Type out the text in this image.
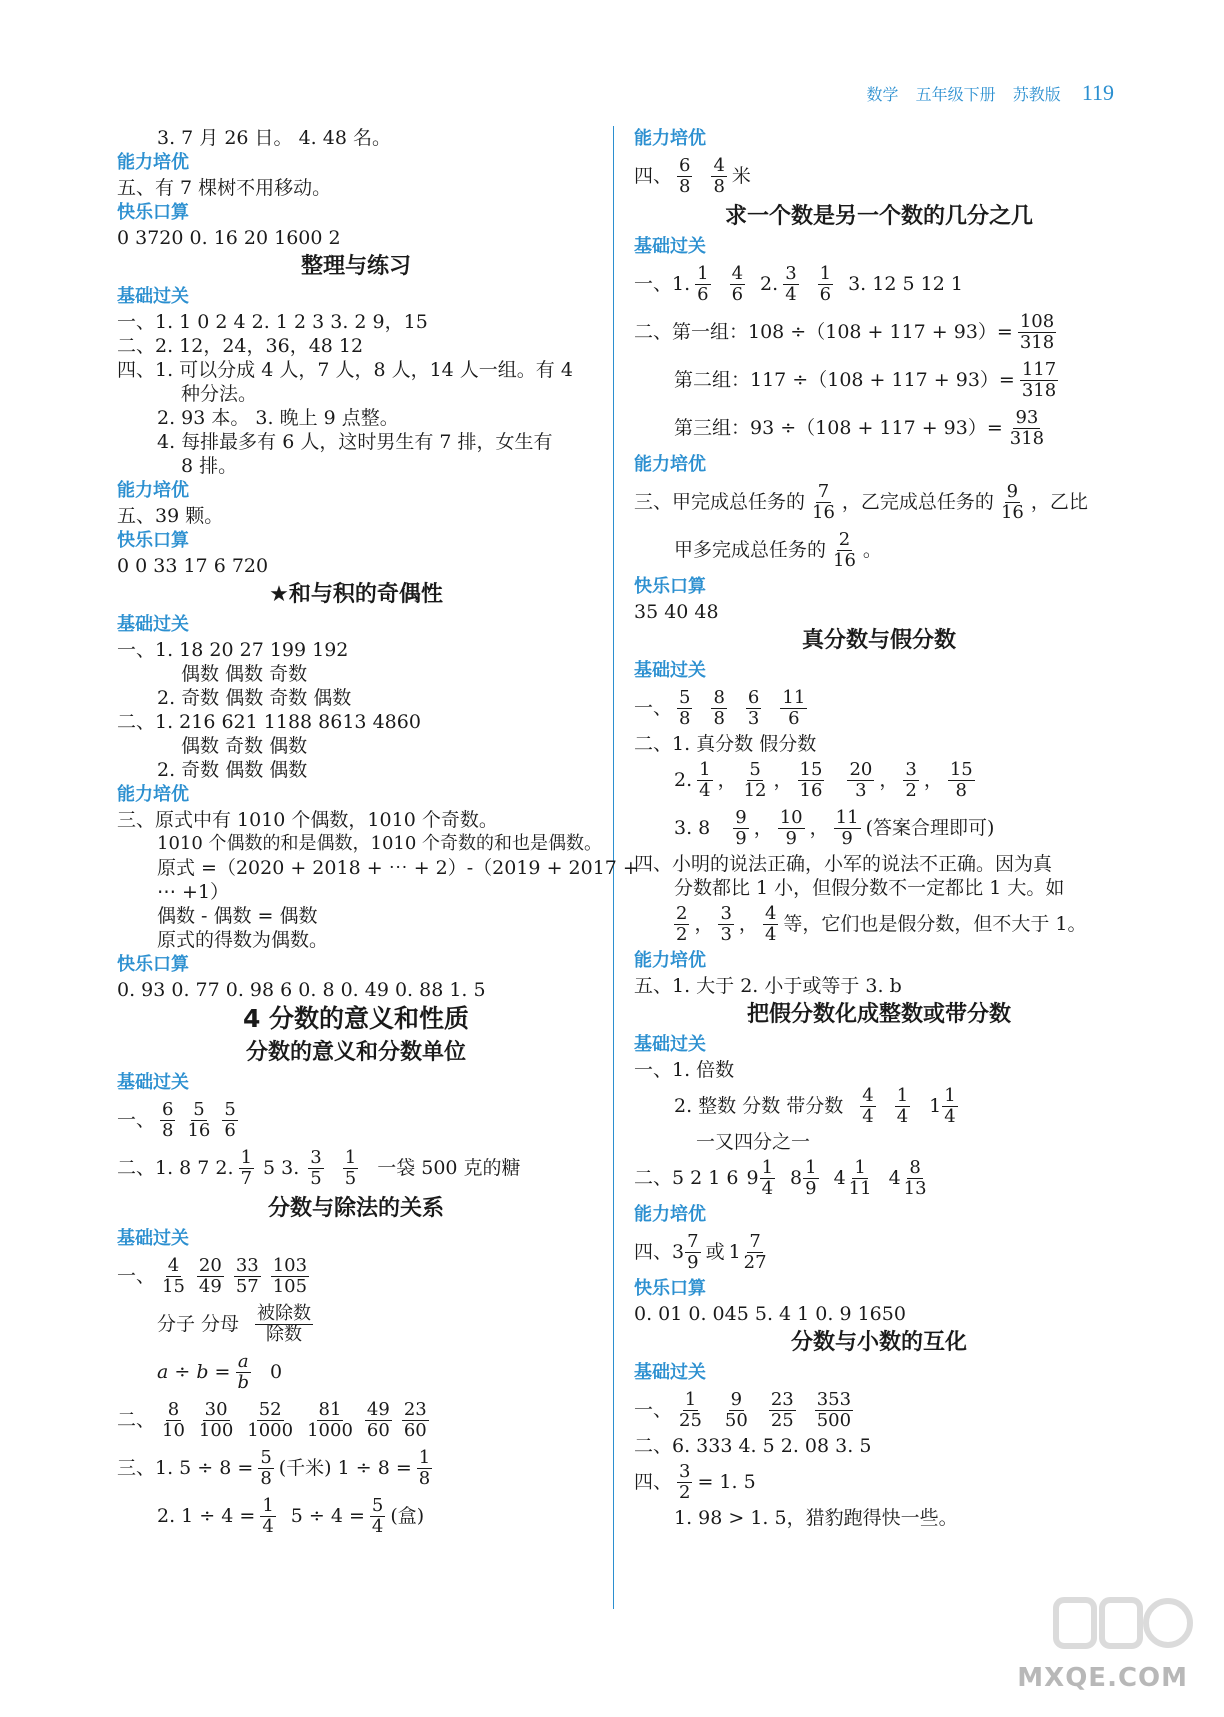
数学 五年级下册 苏教版 119
3. 7 月 26 日。 4. 48 名。
能力培优
五、有 7 棵树不用移动。
快乐口算
0 3720 0. 16 20 1600 2
整理与练习
基础过关
一、1. 1 0 2 4 2. 1 2 3 3. 2 9，15
二、2. 12，24，36，48 12
四、1. 可以分成 4 人，7 人，8 人，14 人一组。有 4
种分法。
2. 93 本。 3. 晚上 9 点整。
4. 每排最多有 6 人，这时男生有 7 排，女生有
8 排。
能力培优
五、39 颗。
快乐口算
0 0 33 17 6 720
★和与积的奇偶性
基础过关
一、1. 18 20 27 199 192
偶数 偶数 奇数
2. 奇数 偶数 奇数 偶数
二、1. 216 621 1188 8613 4860
偶数 奇数 偶数
2. 奇数 偶数 偶数
能力培优
三、原式中有 1010 个偶数，1010 个奇数。
1010 个偶数的和是偶数，1010 个奇数的和也是偶数。
原式 =（2020 + 2018 + ⋯ + 2）-（2019 + 2017 +
⋯ +1）
偶数 - 偶数 = 偶数
原式的得数为偶数。
快乐口算
0. 93 0. 77 0. 98 6 0. 8 0. 49 0. 88 1. 5
4 分数的意义和性质
分数的意义和分数单位
基础过关
一、 $\frac{6}{8} \frac{5}{16} \frac{5}{6}$
二、1. 8 7 2. $\frac{1}{7} 5$ 3. $\frac{3}{5} \frac{1}{5}$ 一袋 500 克的糖
分数与除法的关系
基础过关
一、 $\frac{4}{15} \frac{20}{49} \frac{33}{57} \frac{103}{105}$
分子 分母 $\frac{\text{被除数}}{\text{除数}}$
$a \div b = \frac{a}{b} 0$
二、 $\frac{8}{10} \frac{30}{100} \frac{52}{1000} \frac{81}{1000} \frac{49}{60} \frac{23}{60}$
三、1. $5 \div 8 = \frac{5}{8}$ (千米) $1 \div 8 = \frac{1}{8}$
2. $1 \div 4 = \frac{1}{4} 5 \div 4 = \frac{5}{4}$ (盒)
能力培优
四、 $\frac{6}{8} \frac{4}{8}$ 米
求一个数是另一个数的几分之几
基础过关
一、1. $\frac{1}{6} \frac{4}{6} 2$. $\frac{3}{4} \frac{1}{6} 3$. 12 5 12 1
二、第一组：$108 \div(108 + 117 + 93)= \frac{108}{318}$
第二组：$117 \div(108 + 117 + 93)= \frac{117}{318}$
第三组：$93 \div(108 + 117 + 93)= \frac{93}{318}$
能力培优
三、甲完成总任务的 $\frac{7}{16}$ ，乙完成总任务的 $\frac{9}{16}$ ，乙比
甲多完成总任务的 $\frac{2}{16}$ 。
快乐口算
35 40 48
真分数与假分数
基础过关
一、 $\frac{5}{8} \frac{8}{8} \frac{6}{3} \frac{11}{6}$
二、1. 真分数 假分数
2. $\frac{1}{4}$ ， $\frac{5}{12}$ ， $\frac{15}{16} \frac{20}{3}$ ， $\frac{3}{2}$ ， $\frac{15}{8}$
3. $8 \frac{9}{9}$ ， $\frac{10}{9}$ ， $\frac{11}{9}$ (答案合理即可)
四、小明的说法正确，小军的说法不正确。因为真
分数都比 1 小，但假分数不一定都比 1 大。如
$\frac{2}{2}$ ， $\frac{3}{3}$ ， $\frac{4}{4}$ 等，它们也是假分数，但不大于 1。
能力培优
五、1. 大于 2. 小于或等于 3. b
把假分数化成整数或带分数
基础过关
一、1. 倍数
2. 整数 分数 带分数 $\frac{4}{4} \frac{1}{4} 1 \frac{1}{4}$
一又四分之一
二、5 2 1 6 $9 \frac{1}{4} 8 \frac{1}{9} 4 \frac{1}{11} 4 \frac{8}{13}$
能力培优
四、 $3 \frac{7}{9}$ 或 $1 \frac{7}{27}$
快乐口算
0. 01 0. 045 5. 4 1 0. 9 1650
分数与小数的互化
基础过关
一、 $\frac{1}{25} \frac{9}{50} \frac{23}{25} \frac{353}{500}$
二、6. 333 4. 5 2. 08 3. 5
四、 $\frac{3}{2} = 1$. 5
1. 98 > 1. 5，猎豹跑得快一些。
MXQE.COM
